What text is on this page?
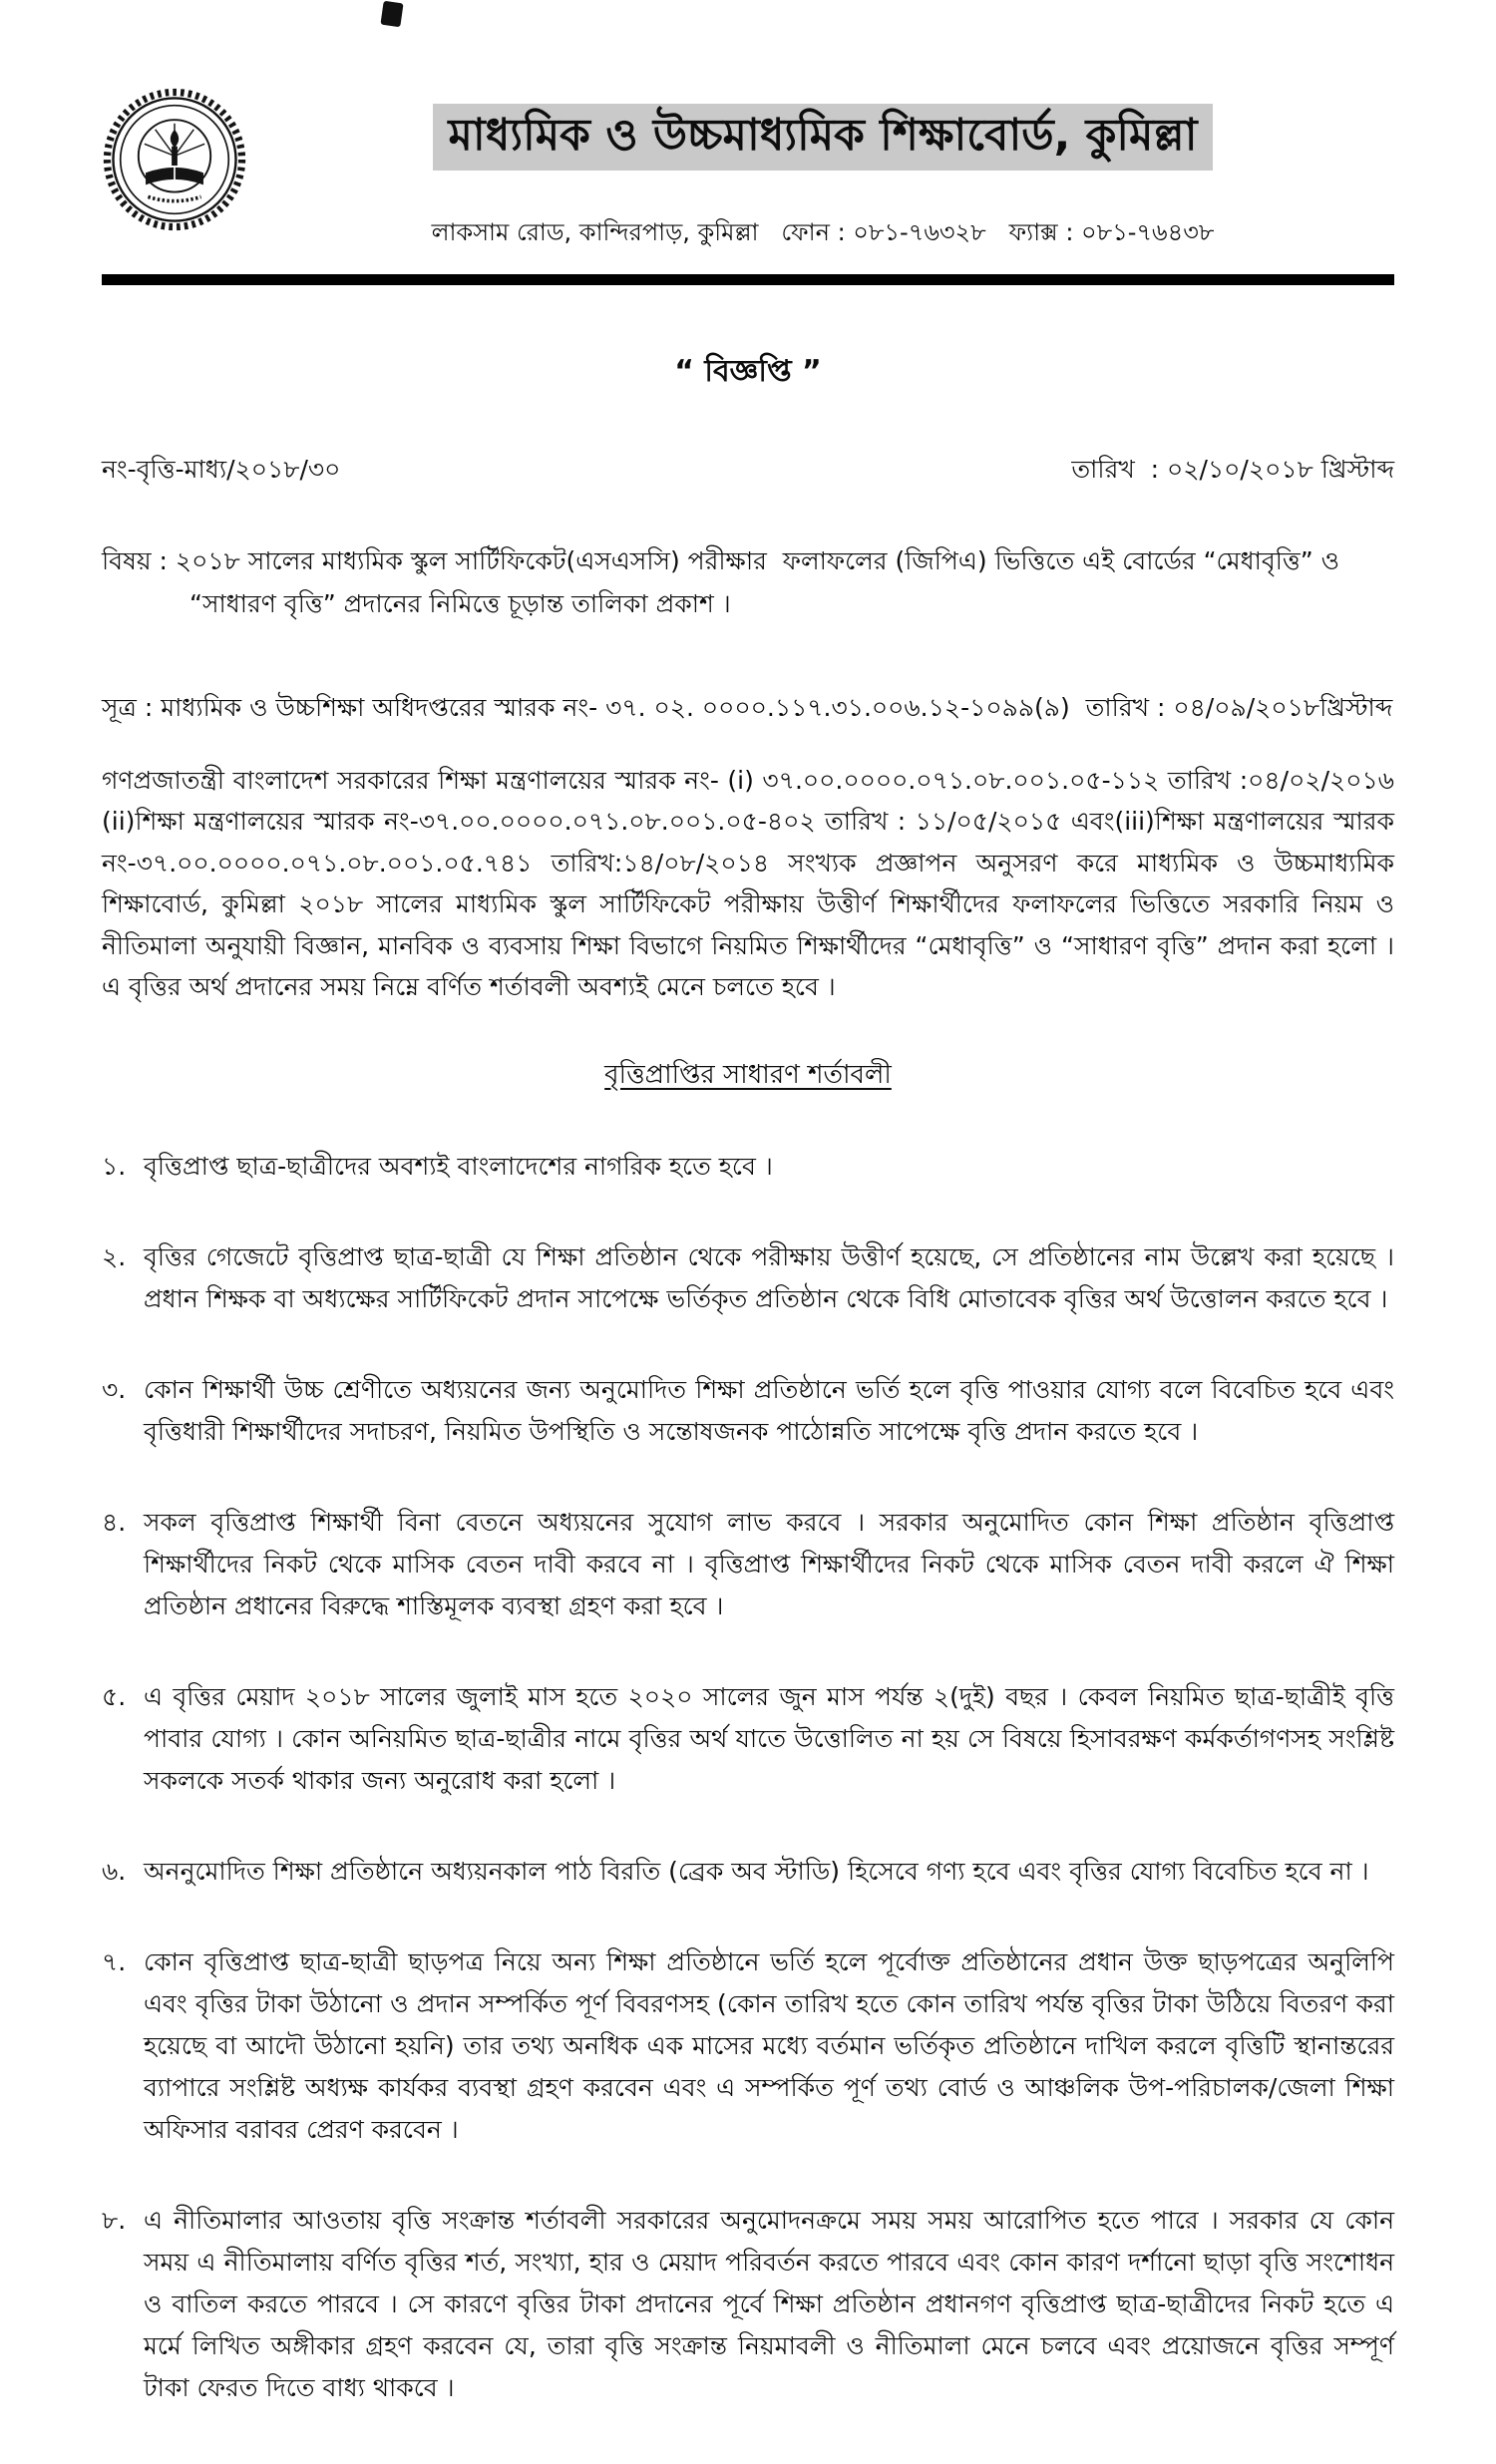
মাধ্যমিক ও উচ্চমাধ্যমিক শিক্ষাবোর্ড, কুমিল্লা
লাকসাম রোড, কান্দিরপাড়, কুমিল্লা   ফোন : ০৮১-৭৬৩২৮   ফ্যাক্স : ০৮১-৭৬৪৩৮
“ বিজ্ঞপ্তি ”
নং-বৃত্তি-মাধ্য/২০১৮/৩০	তারিখ  : ০২/১০/২০১৮ খ্রিস্টাব্দ
বিষয় : ২০১৮ সালের মাধ্যমিক স্কুল সার্টিফিকেট(এসএসসি) পরীক্ষার  ফলাফলের (জিপিএ) ভিত্তিতে এই বোর্ডের “মেধাবৃত্তি” ও “সাধারণ বৃত্তি” প্রদানের নিমিত্তে চূড়ান্ত তালিকা প্রকাশ ।
সূত্র : মাধ্যমিক ও উচ্চশিক্ষা অধিদপ্তরের স্মারক নং- ৩৭. ০২. ০০০০.১১৭.৩১.০০৬.১২-১০৯৯(৯)  তারিখ : ০৪/০৯/২০১৮খ্রিস্টাব্দ
গণপ্রজাতন্ত্রী বাংলাদেশ সরকারের শিক্ষা মন্ত্রণালয়ের স্মারক নং- (i) ৩৭.০০.০০০০.০৭১.০৮.০০১.০৫-১১২ তারিখ :০৪/০২/২০১৬ (ii)শিক্ষা মন্ত্রণালয়ের স্মারক নং-৩৭.০০.০০০০.০৭১.০৮.০০১.০৫-৪০২ তারিখ : ১১/০৫/২০১৫ এবং(iii)শিক্ষা মন্ত্রণালয়ের স্মারক নং-৩৭.০০.০০০০.০৭১.০৮.০০১.০৫.৭৪১ তারিখ:১৪/০৮/২০১৪ সংখ্যক প্রজ্ঞাপন অনুসরণ করে মাধ্যমিক ও উচ্চমাধ্যমিক শিক্ষাবোর্ড, কুমিল্লা ২০১৮ সালের মাধ্যমিক স্কুল সার্টিফিকেট পরীক্ষায় উত্তীর্ণ শিক্ষার্থীদের ফলাফলের ভিত্তিতে সরকারি নিয়ম ও নীতিমালা অনুযায়ী বিজ্ঞান, মানবিক ও ব্যবসায় শিক্ষা বিভাগে নিয়মিত শিক্ষার্থীদের “মেধাবৃত্তি” ও “সাধারণ বৃত্তি” প্রদান করা হলো । এ বৃত্তির অর্থ প্রদানের সময় নিম্নে বর্ণিত শর্তাবলী অবশ্যই মেনে চলতে হবে ।
বৃত্তিপ্রাপ্তির সাধারণ শর্তাবলী
১. বৃত্তিপ্রাপ্ত ছাত্র-ছাত্রীদের অবশ্যই বাংলাদেশের নাগরিক হতে হবে ।
২. বৃত্তির গেজেটে বৃত্তিপ্রাপ্ত ছাত্র-ছাত্রী যে শিক্ষা প্রতিষ্ঠান থেকে পরীক্ষায় উত্তীর্ণ হয়েছে, সে প্রতিষ্ঠানের নাম উল্লেখ করা হয়েছে । প্রধান শিক্ষক বা অধ্যক্ষের সার্টিফিকেট প্রদান সাপেক্ষে ভর্তিকৃত প্রতিষ্ঠান থেকে বিধি মোতাবেক বৃত্তির অর্থ উত্তোলন করতে হবে ।
৩. কোন শিক্ষার্থী উচ্চ শ্রেণীতে অধ্যয়নের জন্য অনুমোদিত শিক্ষা প্রতিষ্ঠানে ভর্তি হলে বৃত্তি পাওয়ার যোগ্য বলে বিবেচিত হবে এবং বৃত্তিধারী শিক্ষার্থীদের সদাচরণ, নিয়মিত উপস্থিতি ও সন্তোষজনক পাঠোন্নতি সাপেক্ষে বৃত্তি প্রদান করতে হবে ।
৪. সকল বৃত্তিপ্রাপ্ত শিক্ষার্থী বিনা বেতনে অধ্যয়নের সুযোগ লাভ করবে । সরকার অনুমোদিত কোন শিক্ষা প্রতিষ্ঠান বৃত্তিপ্রাপ্ত শিক্ষার্থীদের নিকট থেকে মাসিক বেতন দাবী করবে না । বৃত্তিপ্রাপ্ত শিক্ষার্থীদের নিকট থেকে মাসিক বেতন দাবী করলে ঐ শিক্ষা প্রতিষ্ঠান প্রধানের বিরুদ্ধে শাস্তিমূলক ব্যবস্থা গ্রহণ করা হবে ।
৫. এ বৃত্তির মেয়াদ ২০১৮ সালের জুলাই মাস হতে ২০২০ সালের জুন মাস পর্যন্ত ২(দুই) বছর । কেবল নিয়মিত ছাত্র-ছাত্রীই বৃত্তি পাবার যোগ্য । কোন অনিয়মিত ছাত্র-ছাত্রীর নামে বৃত্তির অর্থ যাতে উত্তোলিত না হয় সে বিষয়ে হিসাবরক্ষণ কর্মকর্তাগণসহ সংশ্লিষ্ট সকলকে সতর্ক থাকার জন্য অনুরোধ করা হলো ।
৬. অননুমোদিত শিক্ষা প্রতিষ্ঠানে অধ্যয়নকাল পাঠ বিরতি (ব্রেক অব স্টাডি) হিসেবে গণ্য হবে এবং বৃত্তির যোগ্য বিবেচিত হবে না ।
৭. কোন বৃত্তিপ্রাপ্ত ছাত্র-ছাত্রী ছাড়পত্র নিয়ে অন্য শিক্ষা প্রতিষ্ঠানে ভর্তি হলে পূর্বোক্ত প্রতিষ্ঠানের প্রধান উক্ত ছাড়পত্রের অনুলিপি এবং বৃত্তির টাকা উঠানো ও প্রদান সম্পর্কিত পূর্ণ বিবরণসহ (কোন তারিখ হতে কোন তারিখ পর্যন্ত বৃত্তির টাকা উঠিয়ে বিতরণ করা হয়েছে বা আদৌ উঠানো হয়নি) তার তথ্য অনধিক এক মাসের মধ্যে বর্তমান ভর্তিকৃত প্রতিষ্ঠানে দাখিল করলে বৃত্তিটি স্থানান্তরের ব্যাপারে সংশ্লিষ্ট অধ্যক্ষ কার্যকর ব্যবস্থা গ্রহণ করবেন এবং এ সম্পর্কিত পূর্ণ তথ্য বোর্ড ও আঞ্চলিক উপ-পরিচালক/জেলা শিক্ষা অফিসার বরাবর প্রেরণ করবেন ।
৮. এ নীতিমালার আওতায় বৃত্তি সংক্রান্ত শর্তাবলী সরকারের অনুমোদনক্রমে সময় সময় আরোপিত হতে পারে । সরকার যে কোন সময় এ নীতিমালায় বর্ণিত বৃত্তির শর্ত, সংখ্যা, হার ও মেয়াদ পরিবর্তন করতে পারবে এবং কোন কারণ দর্শানো ছাড়া বৃত্তি সংশোধন ও বাতিল করতে পারবে । সে কারণে বৃত্তির টাকা প্রদানের পূর্বে শিক্ষা প্রতিষ্ঠান প্রধানগণ বৃত্তিপ্রাপ্ত ছাত্র-ছাত্রীদের নিকট হতে এ মর্মে লিখিত অঙ্গীকার গ্রহণ করবেন যে, তারা বৃত্তি সংক্রান্ত নিয়মাবলী ও নীতিমালা মেনে চলবে এবং প্রয়োজনে বৃত্তির সম্পূর্ণ টাকা ফেরত দিতে বাধ্য থাকবে ।
